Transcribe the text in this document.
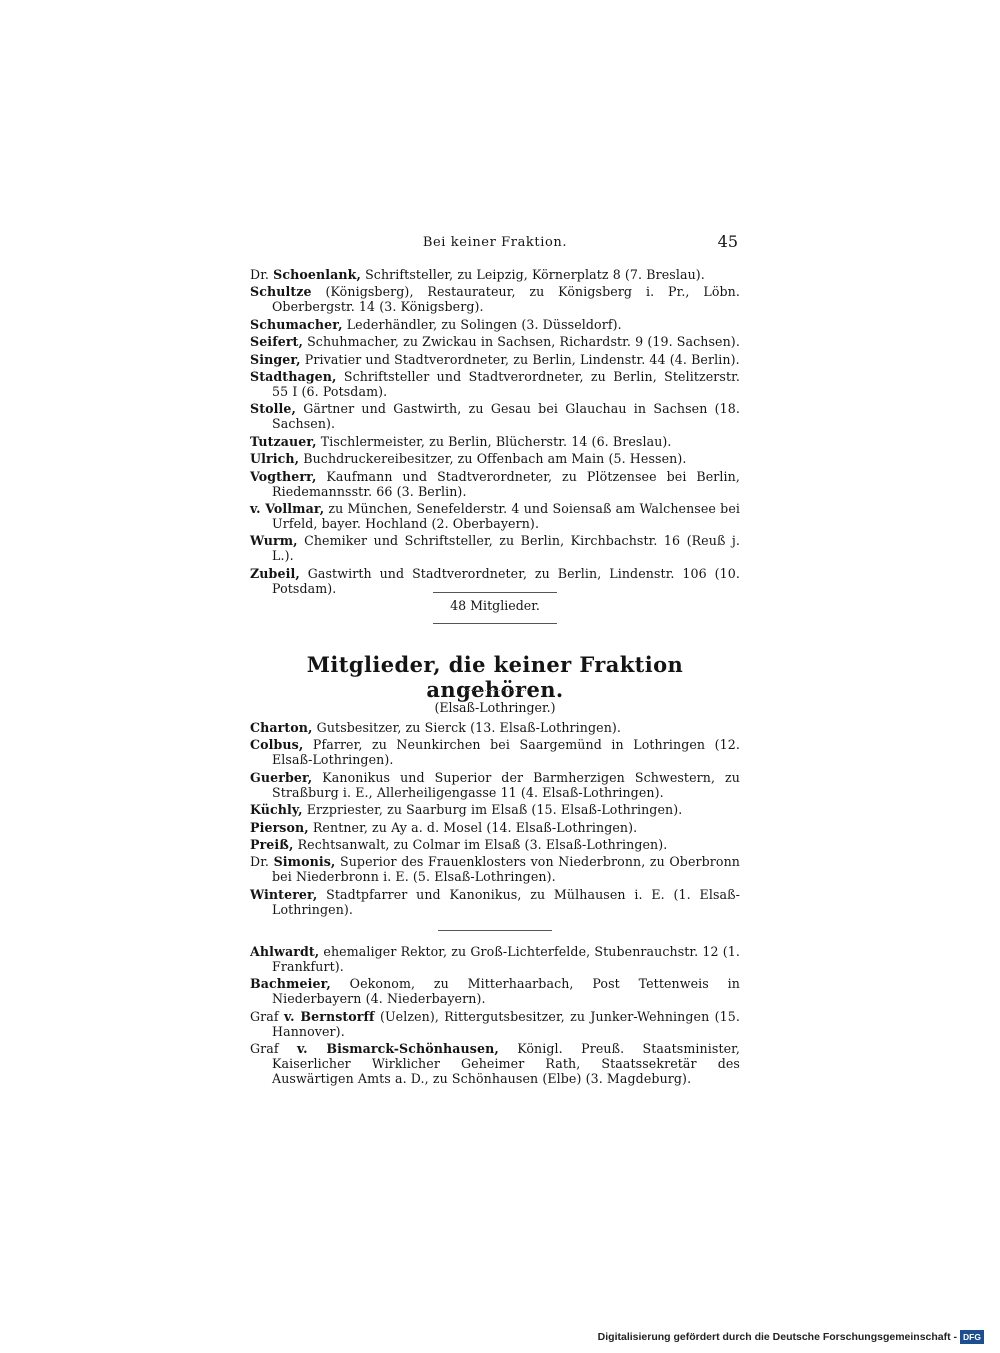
Bei keiner Fraktion.	45
Dr. Schoenlank, Schriftsteller, zu Leipzig, Körnerplatz 8 (7. Breslau).
Schultze (Königsberg), Restaurateur, zu Königsberg i. Pr., Löbn. Oberbergstr. 14 (3. Königsberg).
Schumacher, Lederhändler, zu Solingen (3. Düsseldorf).
Seifert, Schuhmacher, zu Zwickau in Sachsen, Richardstr. 9 (19. Sachsen).
Singer, Privatier und Stadtverordneter, zu Berlin, Lindenstr. 44 (4. Berlin).
Stadthagen, Schriftsteller und Stadtverordneter, zu Berlin, Stelitzerstr. 55 I (6. Potsdam).
Stolle, Gärtner und Gastwirth, zu Gesau bei Glauchau in Sachsen (18. Sachsen).
Tutzauer, Tischlermeister, zu Berlin, Blücherstr. 14 (6. Breslau).
Ulrich, Buchdruckereibesitzer, zu Offenbach am Main (5. Hessen).
Vogtherr, Kaufmann und Stadtverordneter, zu Plötzensee bei Berlin, Riedemannsstr. 66 (3. Berlin).
v. Vollmar, zu München, Senefelderstr. 4 und Soiensaß am Walchensee bei Urfeld, bayer. Hochland (2. Oberbayern).
Wurm, Chemiker und Schriftsteller, zu Berlin, Kirchbachstr. 16 (Reuß j. L.).
Zubeil, Gastwirth und Stadtverordneter, zu Berlin, Lindenstr. 106 (10. Potsdam).
48 Mitglieder.
Mitglieder, die keiner Fraktion angehören.
(Elsaß-Lothringer.)
Charton, Gutsbesitzer, zu Sierck (13. Elsaß-Lothringen).
Colbus, Pfarrer, zu Neunkirchen bei Saargemünd in Lothringen (12. Elsaß-Lothringen).
Guerber, Kanonikus und Superior der Barmherzigen Schwestern, zu Straßburg i. E., Allerheiligengasse 11 (4. Elsaß-Lothringen).
Küchly, Erzpriester, zu Saarburg im Elsaß (15. Elsaß-Lothringen).
Pierson, Rentner, zu Ay a. d. Mosel (14. Elsaß-Lothringen).
Preiß, Rechtsanwalt, zu Colmar im Elsaß (3. Elsaß-Lothringen).
Dr. Simonis, Superior des Frauenklosters von Niederbronn, zu Oberbronn bei Niederbronn i. E. (5. Elsaß-Lothringen).
Winterer, Stadtpfarrer und Kanonikus, zu Mülhausen i. E. (1. Elsaß-Lothringen).
Ahlwardt, ehemaliger Rektor, zu Groß-Lichterfelde, Stubenrauchstr. 12 (1. Frankfurt).
Bachmeier, Oekonom, zu Mitterhaarbach, Post Tettenweis in Niederbayern (4. Niederbayern).
Graf v. Bernstorff (Uelzen), Rittergutsbesitzer, zu Junker-Wehningen (15. Hannover).
Graf v. Bismarck-Schönhausen, Königl. Preuß. Staatsminister, Kaiserlicher Wirklicher Geheimer Rath, Staatssekretär des Auswärtigen Amts a. D., zu Schönhausen (Elbe) (3. Magdeburg).
Digitalisierung gefördert durch die Deutsche Forschungsgemeinschaft - DFG
